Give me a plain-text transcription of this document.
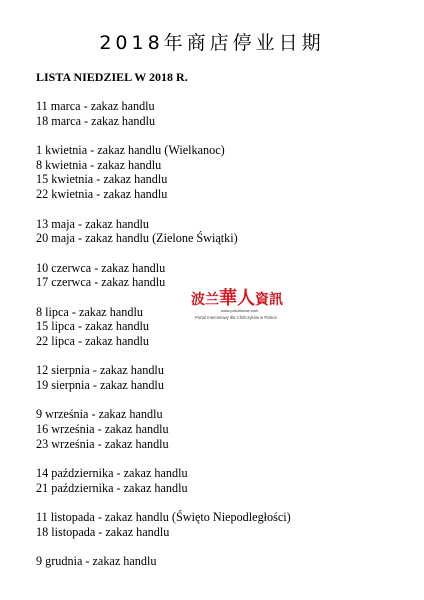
2018年商店停业日期
LISTA NIEDZIEL W 2018 R.
11 marca - zakaz handlu
18 marca - zakaz handlu
1 kwietnia - zakaz handlu (Wielkanoc)
8 kwietnia - zakaz handlu
15 kwietnia - zakaz handlu
22 kwietnia - zakaz handlu
13 maja - zakaz handlu
20 maja - zakaz handlu (Zielone Świątki)
10 czerwca - zakaz handlu
17 czerwca - zakaz handlu
8 lipca - zakaz handlu
15 lipca - zakaz handlu
22 lipca - zakaz handlu
12 sierpnia - zakaz handlu
19 sierpnia - zakaz handlu
9 września - zakaz handlu
16 września - zakaz handlu
23 września - zakaz handlu
14 października - zakaz handlu
21 października - zakaz handlu
11 listopada - zakaz handlu (Święto Niepodległości)
18 listopada - zakaz handlu
9 grudnia - zakaz handlu
波兰華人資訊
www.polchinese.com
Portal Internetowy dla Chińczyków w Polsce
